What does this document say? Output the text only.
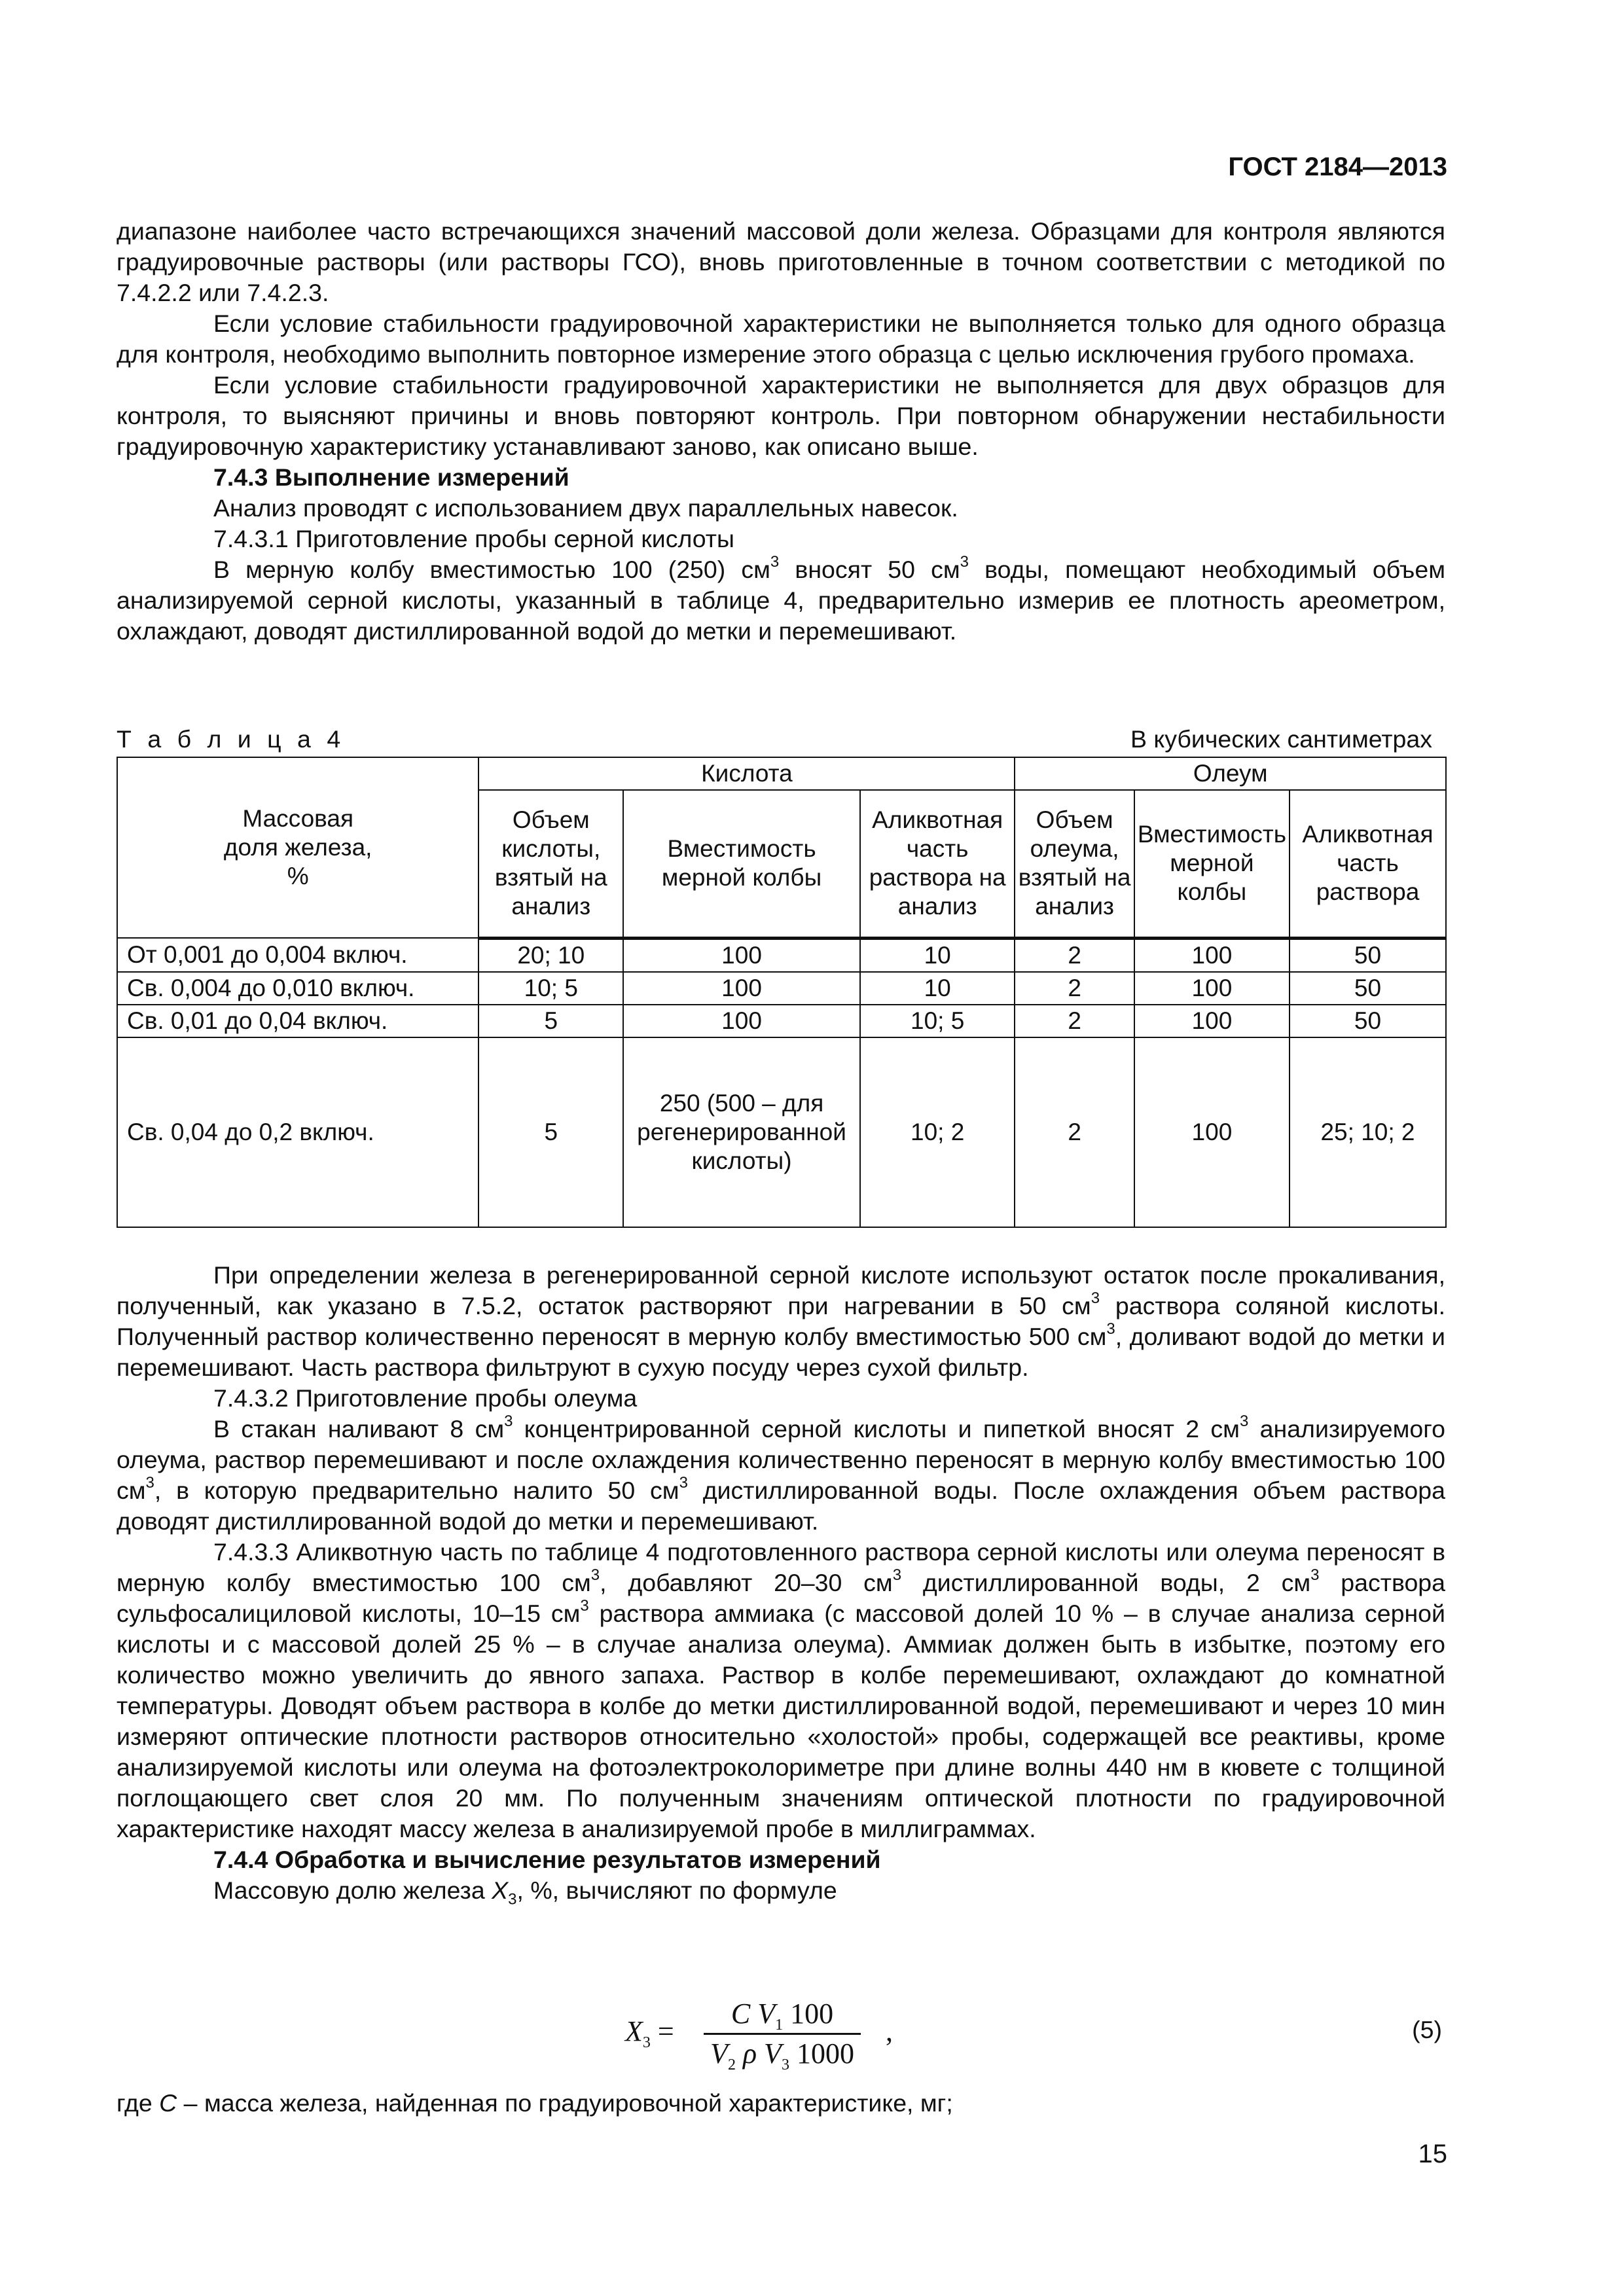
ГОСТ 2184—2013

диапазоне наиболее часто встречающихся значений массовой доли железа. Образцами для контроля являются градуировочные растворы (или растворы ГСО), вновь приготовленные в точном соответствии с методикой по 7.4.2.2 или 7.4.2.3.

Если условие стабильности градуировочной характеристики не выполняется только для одного образца для контроля, необходимо выполнить повторное измерение этого образца с целью исключения грубого промаха.

Если условие стабильности градуировочной характеристики не выполняется для двух образцов для контроля, то выясняют причины и вновь повторяют контроль. При повторном обнаружении нестабильности градуировочную характеристику устанавливают заново, как описано выше.

7.4.3 Выполнение измерений

Анализ проводят с использованием двух параллельных навесок.

7.4.3.1 Приготовление пробы серной кислоты

В мерную колбу вместимостью 100 (250) $см^3$ вносят 50 $см^3$ воды, помещают необходимый объем анализируемой серной кислоты, указанный в таблице 4, предварительно измерив ее плотность ареометром, охлаждают, доводят дистиллированной водой до метки и перемешивают.

Т а б л и ц а 4	В кубических сантиметрах
Массовая доля железа, %	Кислота			Олеум		
	Объем кислоты, взятый на анализ	Вместимость мерной колбы	Аликвотная часть раствора на анализ	Объем олеума, взятый на анализ	Вместимость мерной колбы	Аликвотная часть раствора
От 0,001 до 0,004 включ.	20; 10	100	10	2	100	50
Св. 0,004 до 0,010 включ.	10; 5	100	10	2	100	50
Св. 0,01 до 0,04 включ.	5	100	10; 5	2	100	50
Св. 0,04 до 0,2 включ.	5	250 (500 – для регенерированной кислоты)	10; 2	2	100	25; 10; 2

При определении железа в регенерированной серной кислоте используют остаток после прокаливания, полученный, как указано в 7.5.2, остаток растворяют при нагревании в 50 $см^3$ раствора соляной кислоты. Полученный раствор количественно переносят в мерную колбу вместимостью 500 $см^3$, доливают водой до метки и перемешивают. Часть раствора фильтруют в сухую посуду через сухой фильтр.

7.4.3.2 Приготовление пробы олеума

В стакан наливают 8 $см^3$ концентрированной серной кислоты и пипеткой вносят 2 $см^3$ анализируемого олеума, раствор перемешивают и после охлаждения количественно переносят в мерную колбу вместимостью 100 $см^3$, в которую предварительно налито 50 $см^3$ дистиллированной воды. После охлаждения объем раствора доводят дистиллированной водой до метки и перемешивают.

7.4.3.3 Аликвотную часть по таблице 4 подготовленного раствора серной кислоты или олеума переносят в мерную колбу вместимостью 100 $см^3$, добавляют 20–30 $см^3$ дистиллированной воды, 2 $см^3$ раствора сульфосалициловой кислоты, 10–15 $см^3$ раствора аммиака (с массовой долей 10 % – в случае анализа серной кислоты и с массовой долей 25 % – в случае анализа олеума). Аммиак должен быть в избытке, поэтому его количество можно увеличить до явного запаха. Раствор в колбе перемешивают, охлаждают до комнатной температуры. Доводят объем раствора в колбе до метки дистиллированной водой, перемешивают и через 10 мин измеряют оптические плотности растворов относительно «холостой» пробы, содержащей все реактивы, кроме анализируемой кислоты или олеума на фотоэлектроколориметре при длине волны 440 нм в кювете с толщиной поглощающего свет слоя 20 мм. По полученным значениям оптической плотности по градуировочной характеристике находят массу железа в анализируемой пробе в миллиграммах.

7.4.4 Обработка и вычисление результатов измерений

Массовую долю железа $X_3$, %, вычисляют по формуле

$X_3$ =
C $V_1$ 100
$V_2$ ρ $V_3$ 1000
,	(5)

где C – масса железа, найденная по градуировочной характеристике, мг;

15
